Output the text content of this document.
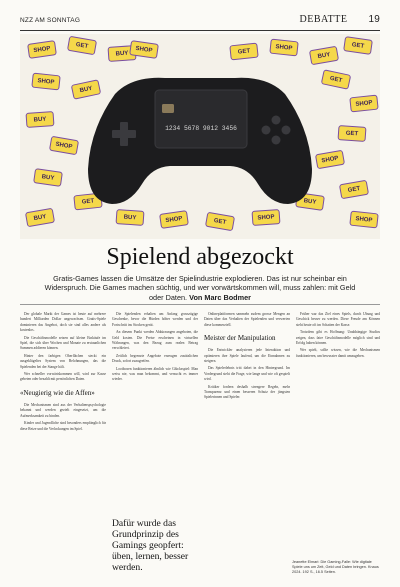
NZZ AM SONNTAG	DEBATTE 19
1234 5678 9012 3456
SHOP	GET
BUY
SHOP
BUY
GET
SHOP
BUY
GET
SHOP
BUY
SHOP
GET
SHOP
BUY
GET
BUY	SHOP	GET	SHOP
BUY
GET
SHOP
BUY
SHOP	GET
Spielend abgezockt
Gratis-Games lassen die Umsätze der Spielindustrie explodieren. Das ist nur scheinbar ein Widerspruch. Die Games machen süchtig, und wer vorwärtskommen will, muss zahlen: mit Geld oder Daten. Von Marc Bodmer

Der globale Markt der Games ist heute auf mehrere hundert Milliarden Dollar angewachsen. Gratis-Spiele dominieren das Angebot, doch sie sind alles andere als kostenlos.

Die Geschäftsmodelle setzen auf kleine Einkäufe im Spiel, die sich über Wochen und Monate zu erstaunlichen Summen addieren können.

Hinter den farbigen Oberflächen steckt ein ausgeklügeltes System von Belohnungen, das die Spielenden bei der Stange hält.

Wer schneller vorwärtskommen will, wird zur Kasse gebeten oder bezahlt mit persönlichen Daten.

«Neugierig wie die Affen»

Die Mechanismen sind aus der Verhaltenspsychologie bekannt und werden gezielt eingesetzt, um die Aufmerksamkeit zu binden.

Kinder und Jugendliche sind besonders empfänglich für diese Reize und die Verlockungen im Spiel.

Die Spielenden erhalten am Anfang grosszügige Geschenke, bevor die Hürden höher werden und der Fortschritt ins Stocken gerät.

An diesem Punkt werden Abkürzungen angeboten, die Geld kosten. Die Preise erscheinen in virtuellen Währungen, was den Bezug zum realen Betrag verschleiert.

Zeitlich begrenzte Angebote erzeugen zusätzlichen Druck, sofort zuzugreifen.

Lootboxen funktionieren ähnlich wie Glücksspiel: Man weiss nie, was man bekommt, und versucht es immer wieder.

Onlineplattformen sammeln zudem grosse Mengen an Daten über das Verhalten der Spielenden und verwerten diese kommerziell.

Meister der Manipulation

Die Entwickler analysieren jede Interaktion und optimieren ihre Spiele laufend, um die Einnahmen zu steigern.

Das Spielerlebnis tritt dabei in den Hintergrund. Im Vordergrund steht die Frage, wie lange und wie oft gespielt wird.

Kritiker fordern deshalb strengere Regeln, mehr Transparenz und einen besseren Schutz der jüngsten Spielerinnen und Spieler.

Früher war das Ziel eines Spiels, durch Übung und Geschick besser zu werden. Diese Freude am Können steht heute oft im Schatten der Kasse.

Trotzdem gibt es Hoffnung: Unabhängige Studios zeigen, dass faire Geschäftsmodelle möglich sind und Erfolg haben können.

Wer spielt, sollte wissen, wie die Mechanismen funktionieren, um bewusster damit umzugehen.

Dafür wurde das Grundprinzip des Gamings geopfert: üben, lernen, besser werden.	Jeanette Elmari: Die Gaming-Falle: Wie digitale Spiele uns um Zeit, Geld und Daten bringen. Knaus 2024. 192 S., 16.5 Seiten.
